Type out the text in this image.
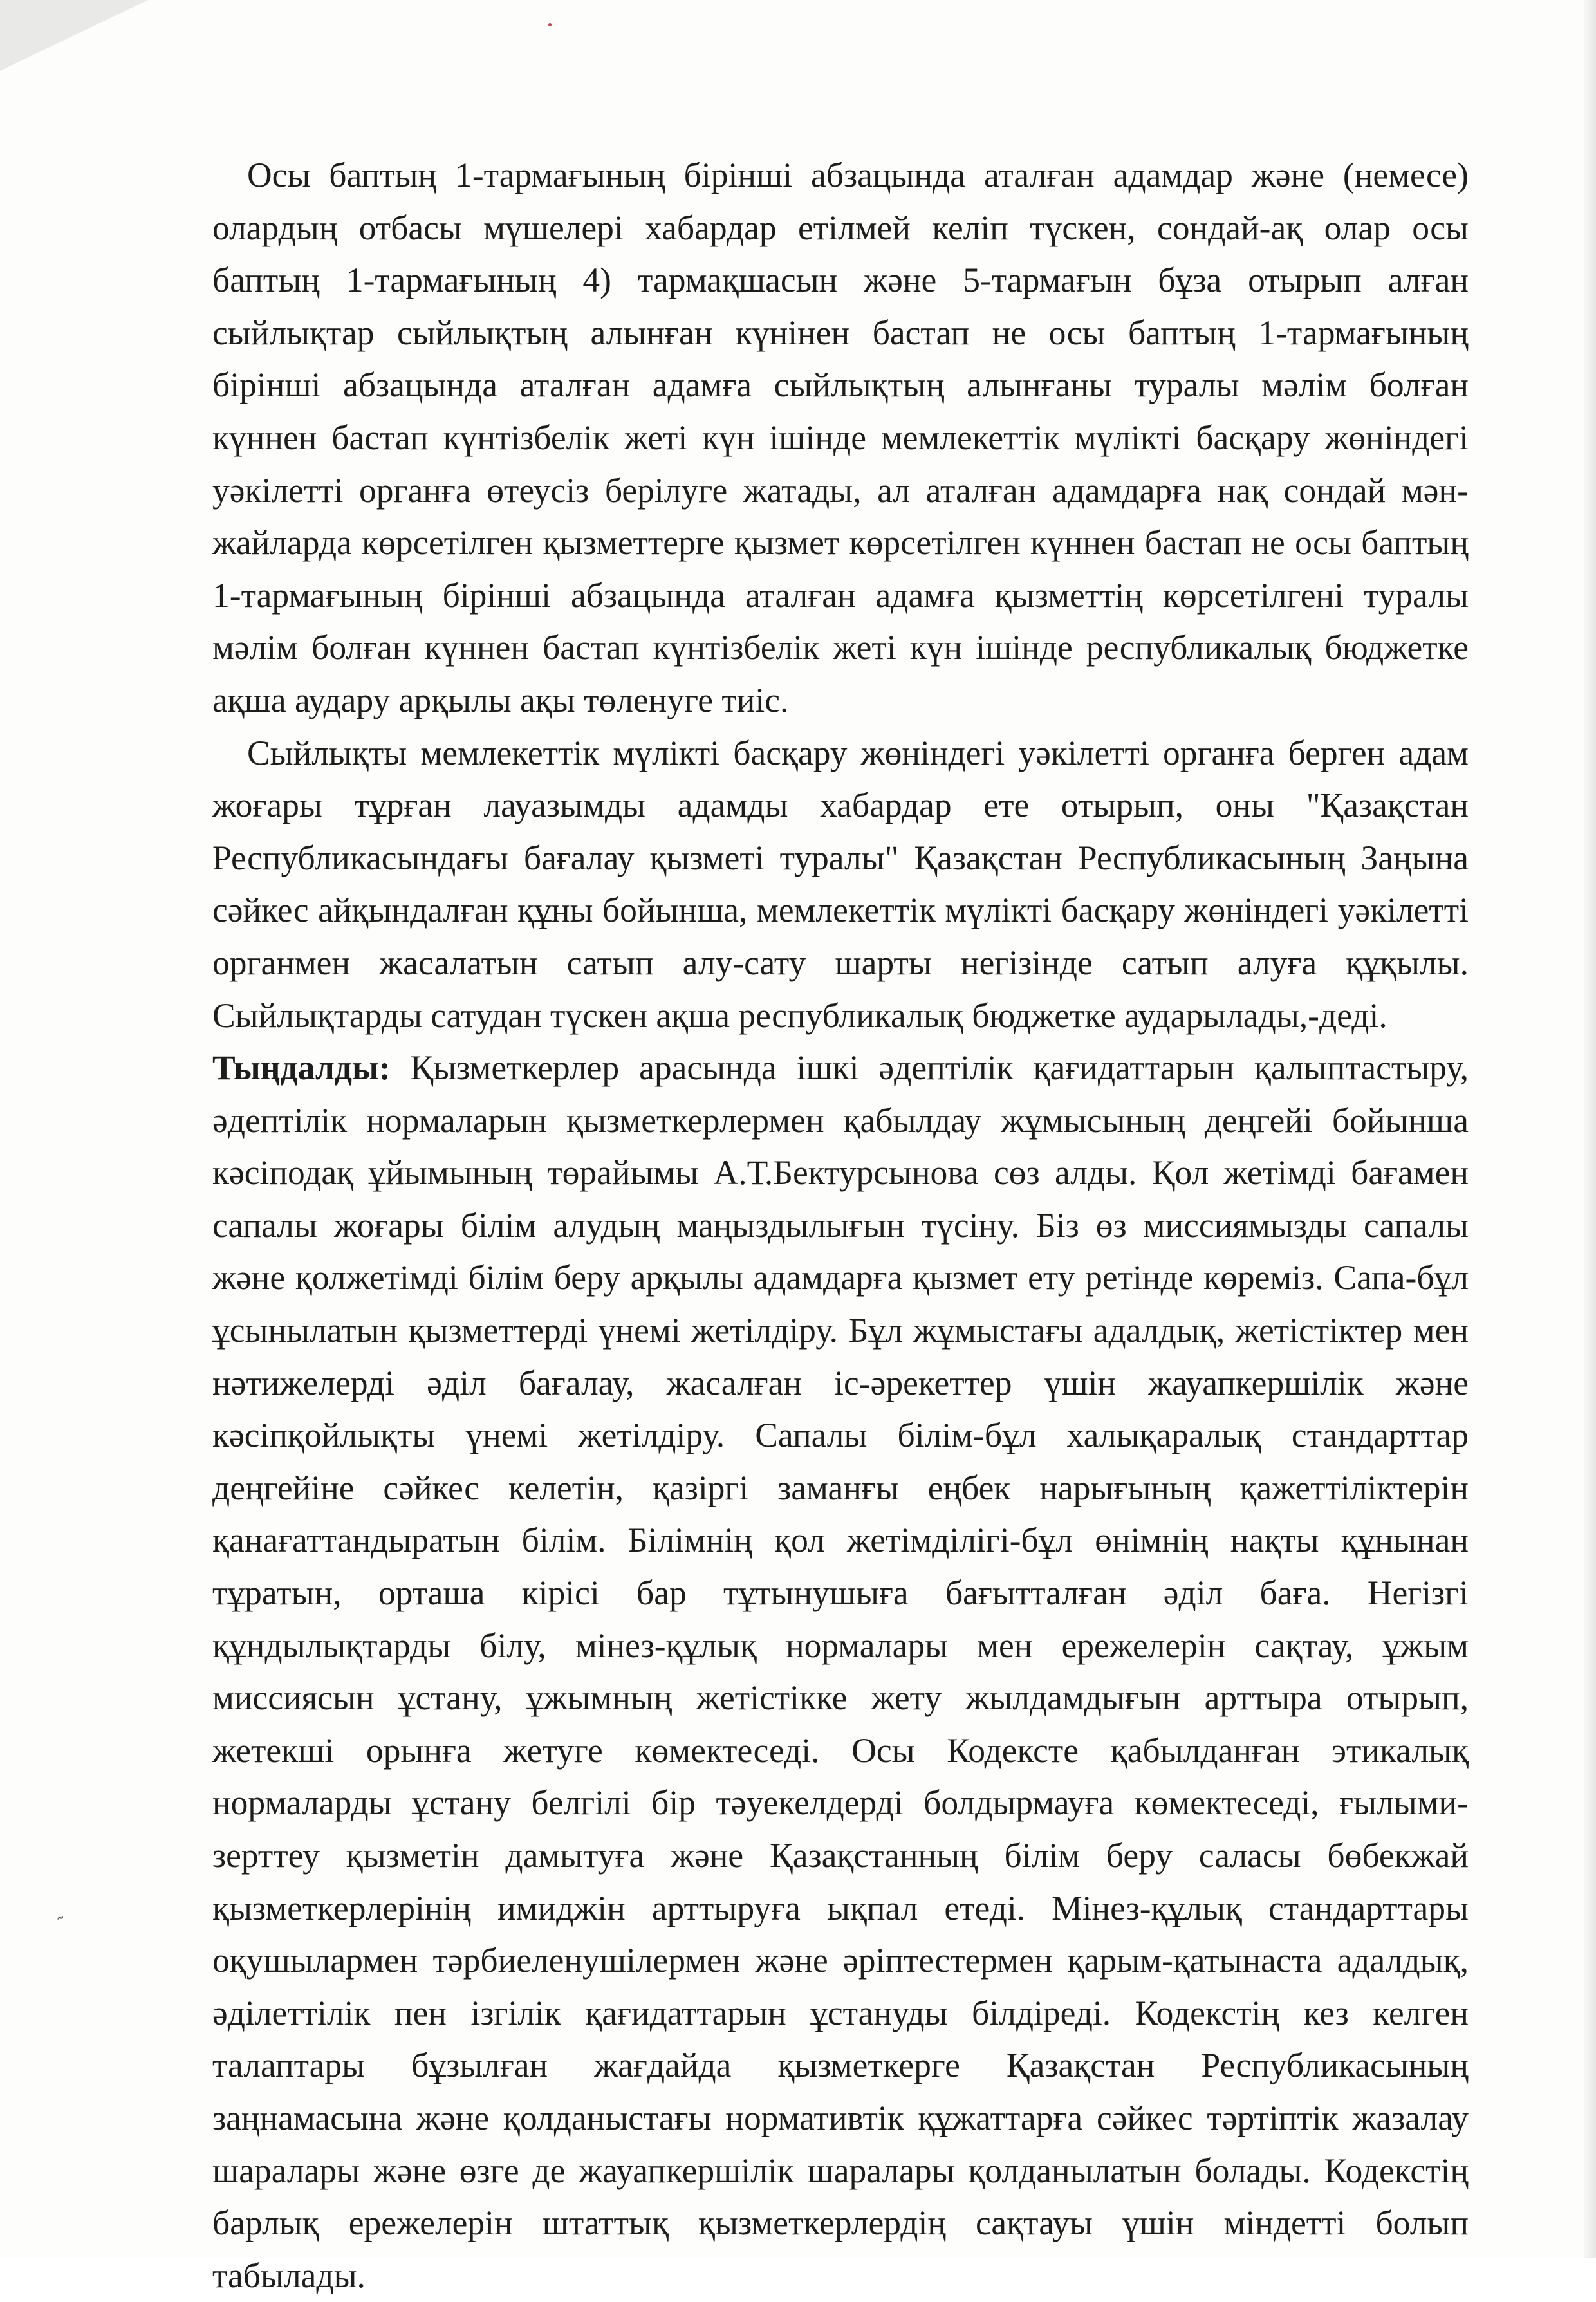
Осы баптың 1-тармағының бірінші абзацында аталған адамдар және (немесе) олардың отбасы мүшелері хабардар етілмей келіп түскен, сондай-ақ олар осы баптың 1-тармағының 4) тармақшасын және 5-тармағын бұза отырып алған сыйлықтар сыйлықтың алынған күнінен бастап не осы баптың 1-тармағының бірінші абзацында аталған адамға сыйлықтың алынғаны туралы мәлім болған күннен бастап күнтізбелік жеті күн ішінде мемлекеттік мүлікті басқару жөніндегі уәкілетті органға өтеусіз берілуге жатады, ал аталған адамдарға нақ сондай мән-жайларда көрсетілген қызметтерге қызмет көрсетілген күннен бастап не осы баптың 1-тармағының бірінші абзацында аталған адамға қызметтің көрсетілгені туралы мәлім болған күннен бастап күнтізбелік жеті күн ішінде республикалық бюджетке ақша аудару арқылы ақы төленуге тиіс.

Сыйлықты мемлекеттік мүлікті басқару жөніндегі уәкілетті органға берген адам жоғары тұрған лауазымды адамды хабардар ете отырып, оны "Қазақстан Республикасындағы бағалау қызметі туралы" Қазақстан Республикасының Заңына сәйкес айқындалған құны бойынша, мемлекеттік мүлікті басқару жөніндегі уәкілетті органмен жасалатын сатып алу-сату шарты негізінде сатып алуға құқылы. Сыйлықтарды сатудан түскен ақша республикалық бюджетке аударылады,-деді.

Тыңдалды: Қызметкерлер арасында ішкі әдептілік қағидаттарын қалыптастыру, әдептілік нормаларын қызметкерлермен қабылдау жұмысының деңгейі бойынша кәсіподақ ұйымының төрайымы А.Т.Бектурсынова сөз алды. Қол жетімді бағамен сапалы жоғары білім алудың маңыздылығын түсіну. Біз өз миссиямызды сапалы және қолжетімді білім беру арқылы адамдарға қызмет ету ретінде көреміз. Сапа-бұл ұсынылатын қызметтерді үнемі жетілдіру. Бұл жұмыстағы адалдық, жетістіктер мен нәтижелерді әділ бағалау, жасалған іс-әрекеттер үшін жауапкершілік және кәсіпқойлықты үнемі жетілдіру. Сапалы білім-бұл халықаралық стандарттар деңгейіне сәйкес келетін, қазіргі заманғы еңбек нарығының қажеттіліктерін қанағаттандыратын білім. Білімнің қол жетімділігі-бұл өнімнің нақты құнынан тұратын, орташа кірісі бар тұтынушыға бағытталған әділ баға. Негізгі құндылықтарды білу, мінез-құлық нормалары мен ережелерін сақтау, ұжым миссиясын ұстану, ұжымның жетістікке жету жылдамдығын арттыра отырып, жетекші орынға жетуге көмектеседі. Осы Кодексте қабылданған этикалық нормаларды ұстану белгілі бір тәуекелдерді болдырмауға көмектеседі, ғылыми-зерттеу қызметін дамытуға және Қазақстанның білім беру саласы бөбекжай қызметкерлерінің имиджін арттыруға ықпал етеді. Мінез-құлық стандарттары оқушылармен тәрбиеленушілермен және әріптестермен қарым-қатынаста адалдық, әділеттілік пен ізгілік қағидаттарын ұстануды білдіреді. Кодекстің кез келген талаптары бұзылған жағдайда қызметкерге Қазақстан Республикасының заңнамасына және қолданыстағы нормативтік құжаттарға сәйкес тәртіптік жазалау шаралары және өзге де жауапкершілік шаралары қолданылатын болады. Кодекстің барлық ережелерін штаттық қызметкерлердің сақтауы үшін міндетті болып табылады.

˜
